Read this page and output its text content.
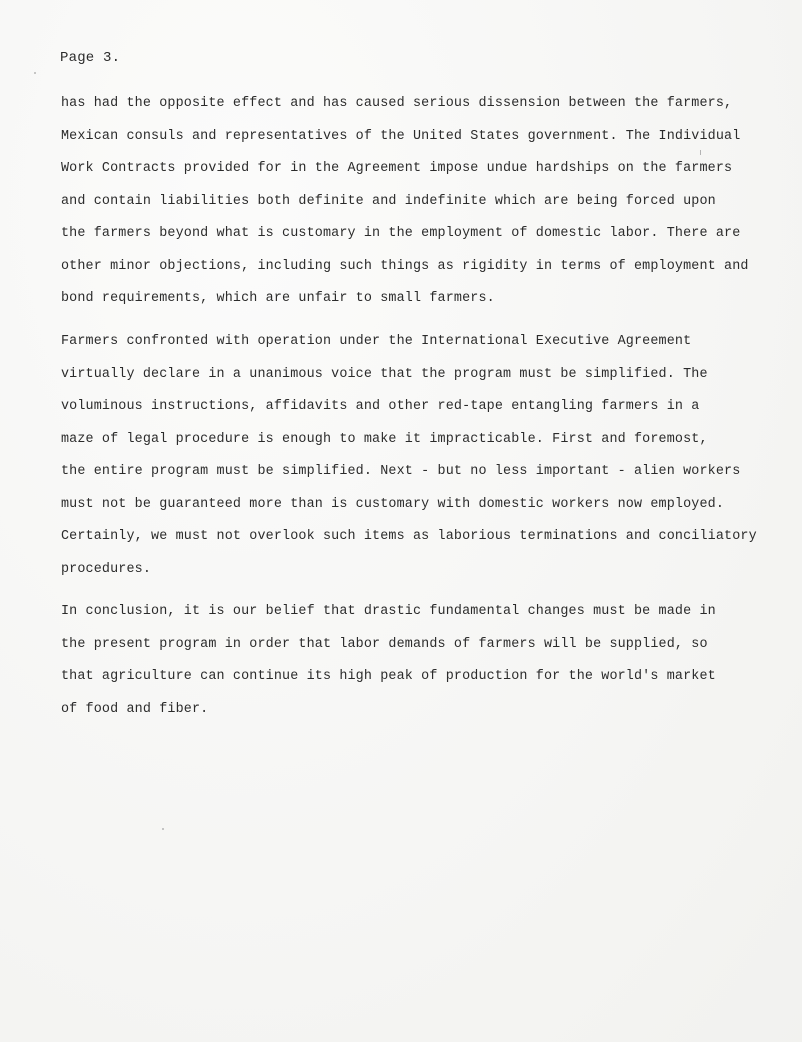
Page 3.

has had the opposite effect and has caused serious dissension between the farmers,
Mexican consuls and representatives of the United States government. The Individual
Work Contracts provided for in the Agreement impose undue hardships on the farmers
and contain liabilities both definite and indefinite which are being forced upon
the farmers beyond what is customary in the employment of domestic labor. There are
other minor objections, including such things as rigidity in terms of employment and
bond requirements, which are unfair to small farmers.

Farmers confronted with operation under the International Executive Agreement
virtually declare in a unanimous voice that the program must be simplified. The
voluminous instructions, affidavits and other red-tape entangling farmers in a
maze of legal procedure is enough to make it impracticable. First and foremost,
the entire program must be simplified. Next - but no less important - alien workers
must not be guaranteed more than is customary with domestic workers now employed.
Certainly, we must not overlook such items as laborious terminations and conciliatory
procedures.

In conclusion, it is our belief that drastic fundamental changes must be made in
the present program in order that labor demands of farmers will be supplied, so
that agriculture can continue its high peak of production for the world's market
of food and fiber.
